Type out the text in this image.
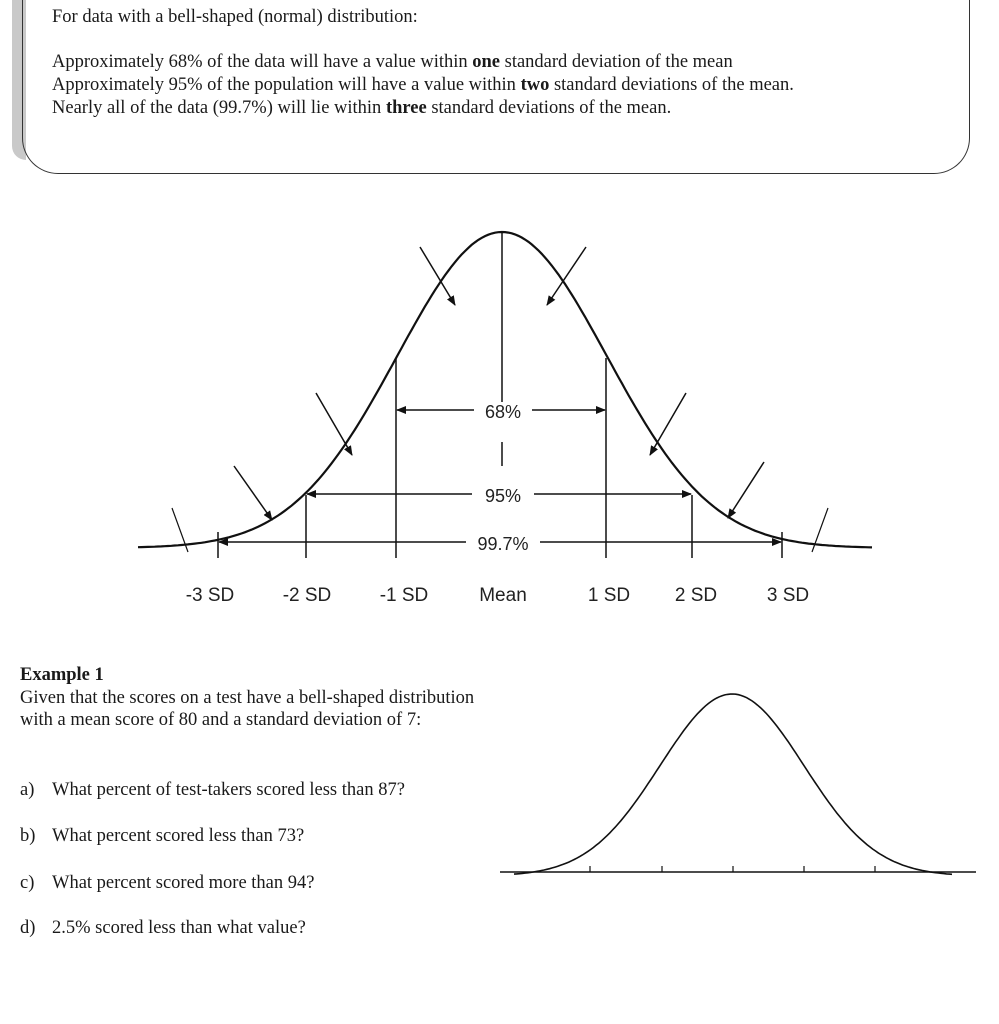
For data with a bell-shaped (normal) distribution:

Approximately 68% of the data will have a value within one standard deviation of the mean

Approximately 95% of the population will have a value within two standard deviations of the mean.

Nearly all of the data (99.7%) will lie within three standard deviations of the mean.

68%
95%
99.7%
-3 SD	-2 SD	-1 SD	Mean	1 SD 2 SD	3 SD

Example 1

Given that the scores on a test have a bell-shaped distribution with a mean score of 80 and a standard deviation of 7:

a) What percent of test-takers scored less than 87?
b) What percent scored less than 73?
c) What percent scored more than 94?
d) 2.5% scored less than what value?
